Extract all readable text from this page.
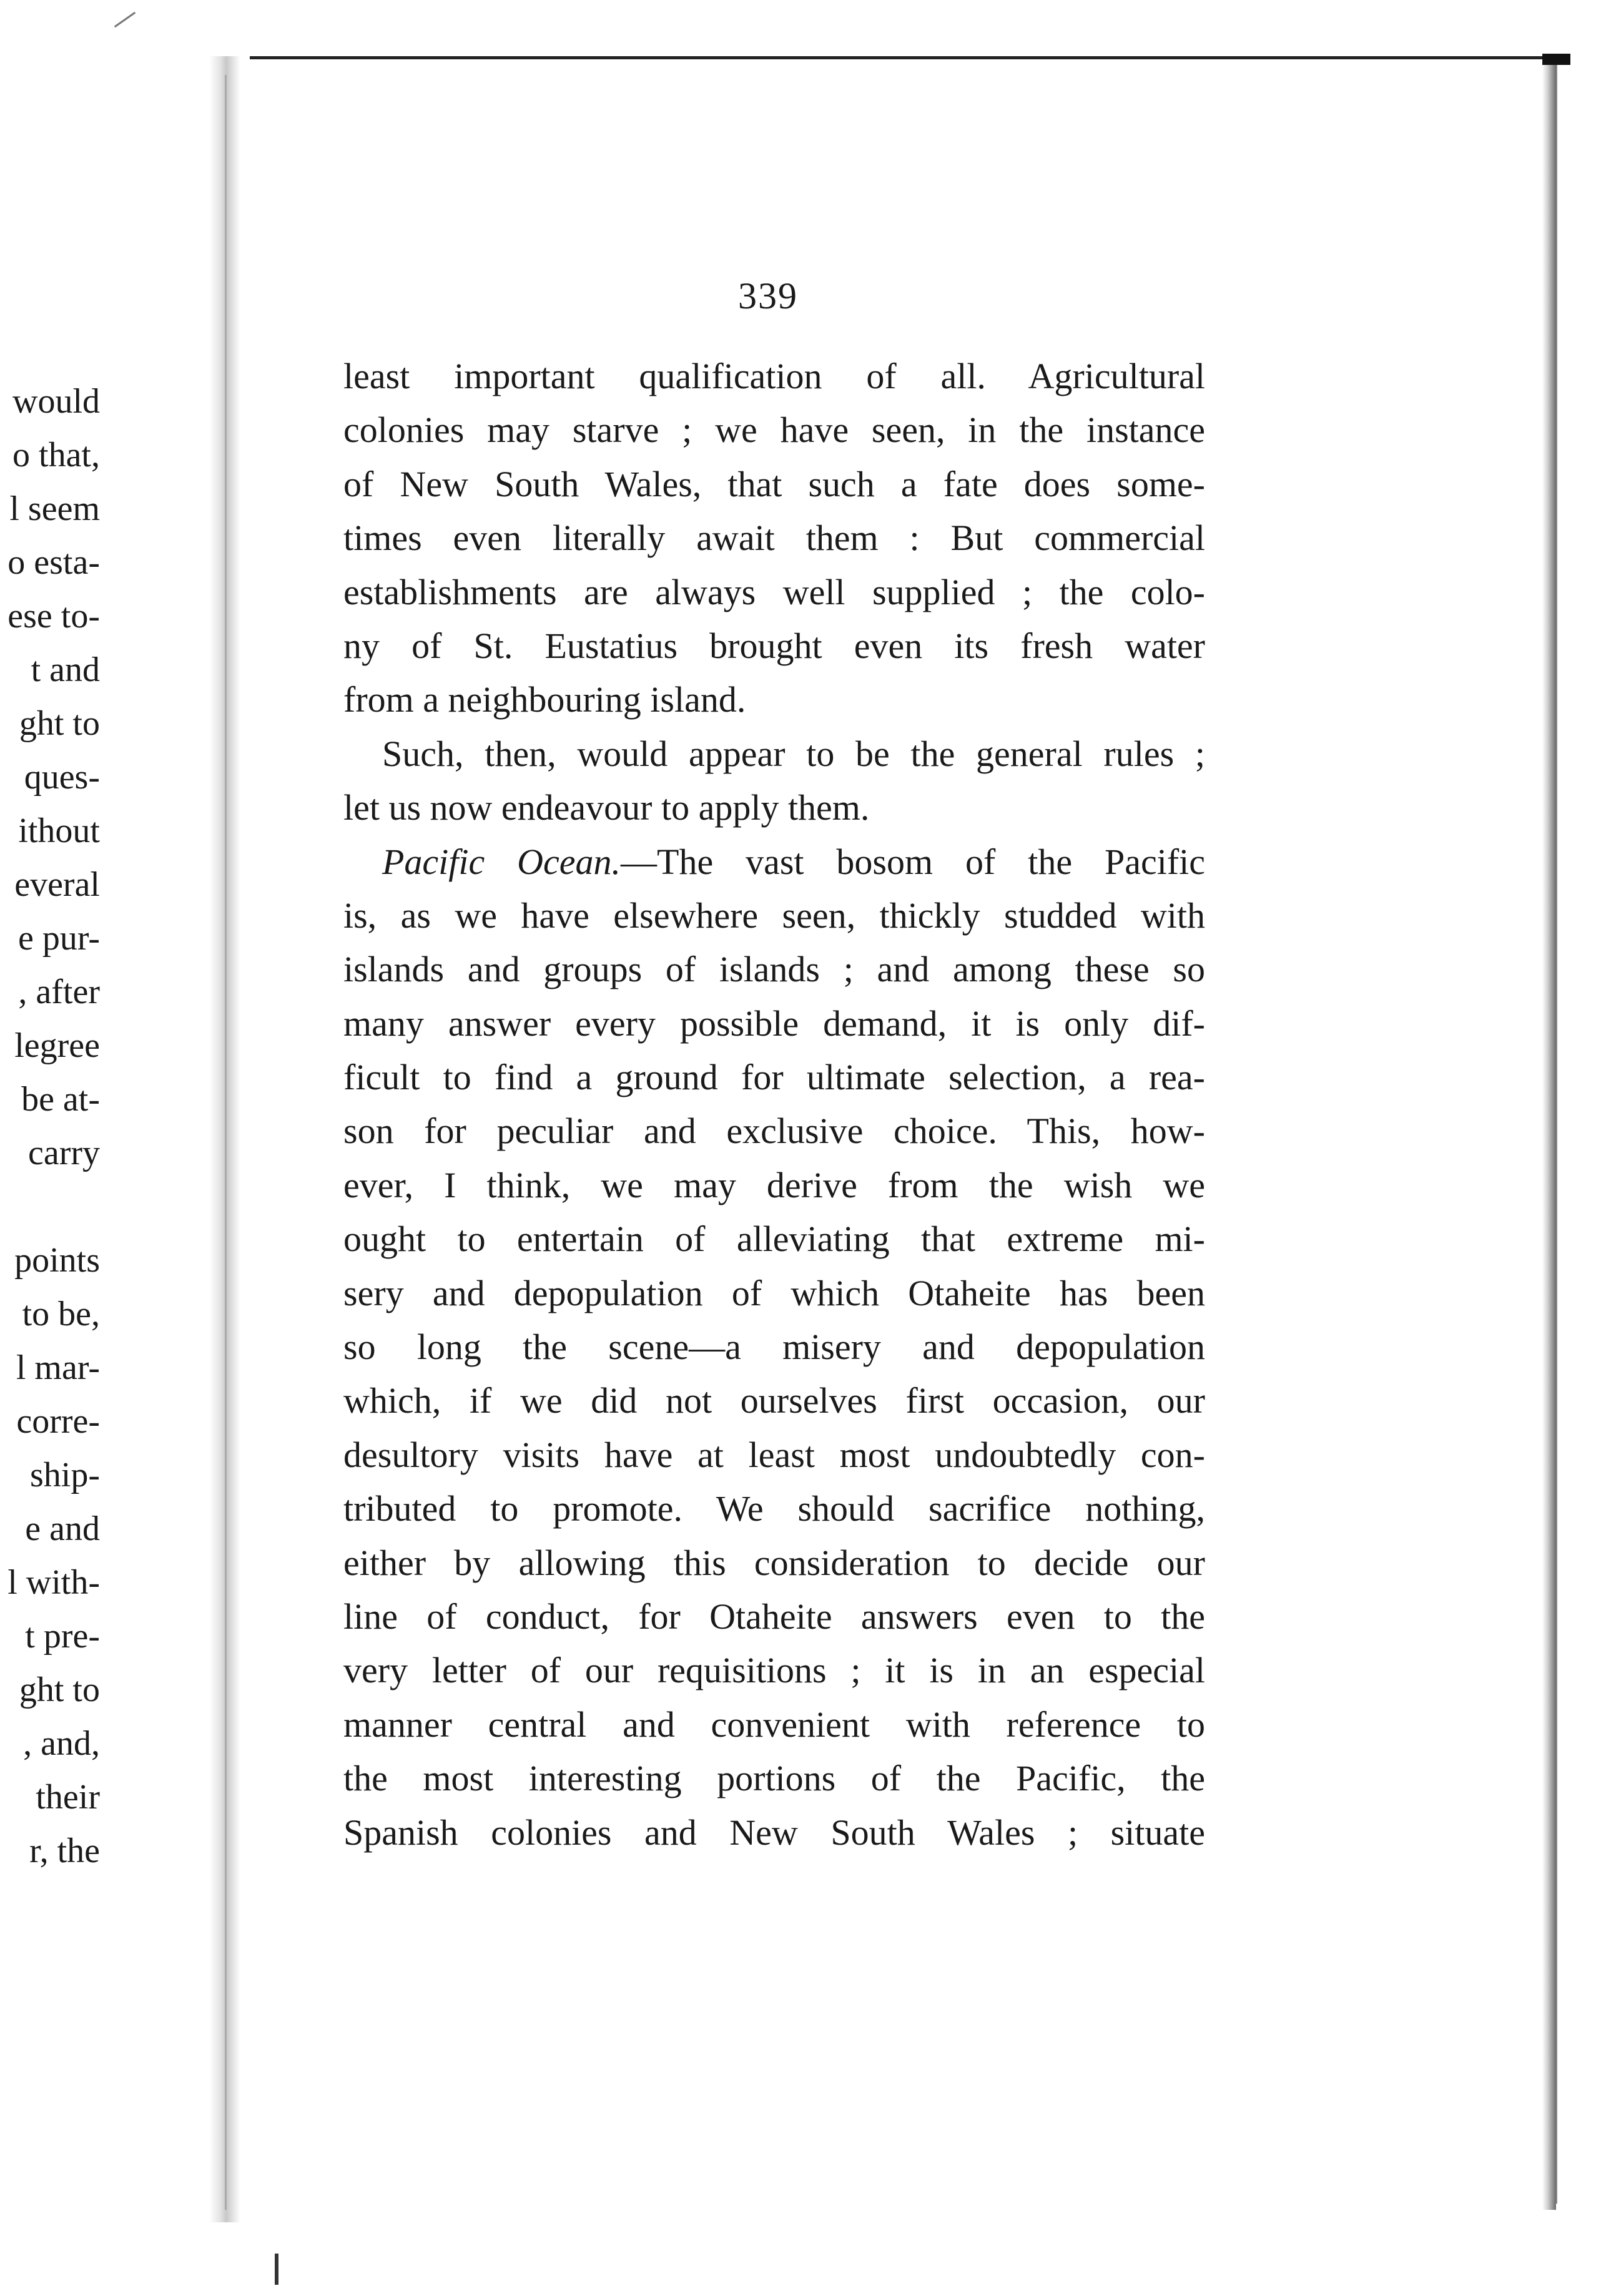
would
o that,
l seem
o esta-
ese to-
t and
ght to
ques-
ithout
everal
e pur-
, after
legree
be at-
carry
points
to be,
l mar-
corre-
ship-
e and
l with-
t pre-
ght to
, and,
their
r, the
339
least important qualification of all. Agricultural
colonies may starve ; we have seen, in the instance
of New South Wales, that such a fate does some-
times even literally await them : But commercial
establishments are always well supplied ; the colo-
ny of St. Eustatius brought even its fresh water
from a neighbouring island.
Such, then, would appear to be the general rules ;
let us now endeavour to apply them.
Pacific Ocean.—The vast bosom of the Pacific
is, as we have elsewhere seen, thickly studded with
islands and groups of islands ; and among these so
many answer every possible demand, it is only dif-
ficult to find a ground for ultimate selection, a rea-
son for peculiar and exclusive choice. This, how-
ever, I think, we may derive from the wish we
ought to entertain of alleviating that extreme mi-
sery and depopulation of which Otaheite has been
so long the scene—a misery and depopulation
which, if we did not ourselves first occasion, our
desultory visits have at least most undoubtedly con-
tributed to promote. We should sacrifice nothing,
either by allowing this consideration to decide our
line of conduct, for Otaheite answers even to the
very letter of our requisitions ; it is in an especial
manner central and convenient with reference to
the most interesting portions of the Pacific, the
Spanish colonies and New South Wales ; situate
